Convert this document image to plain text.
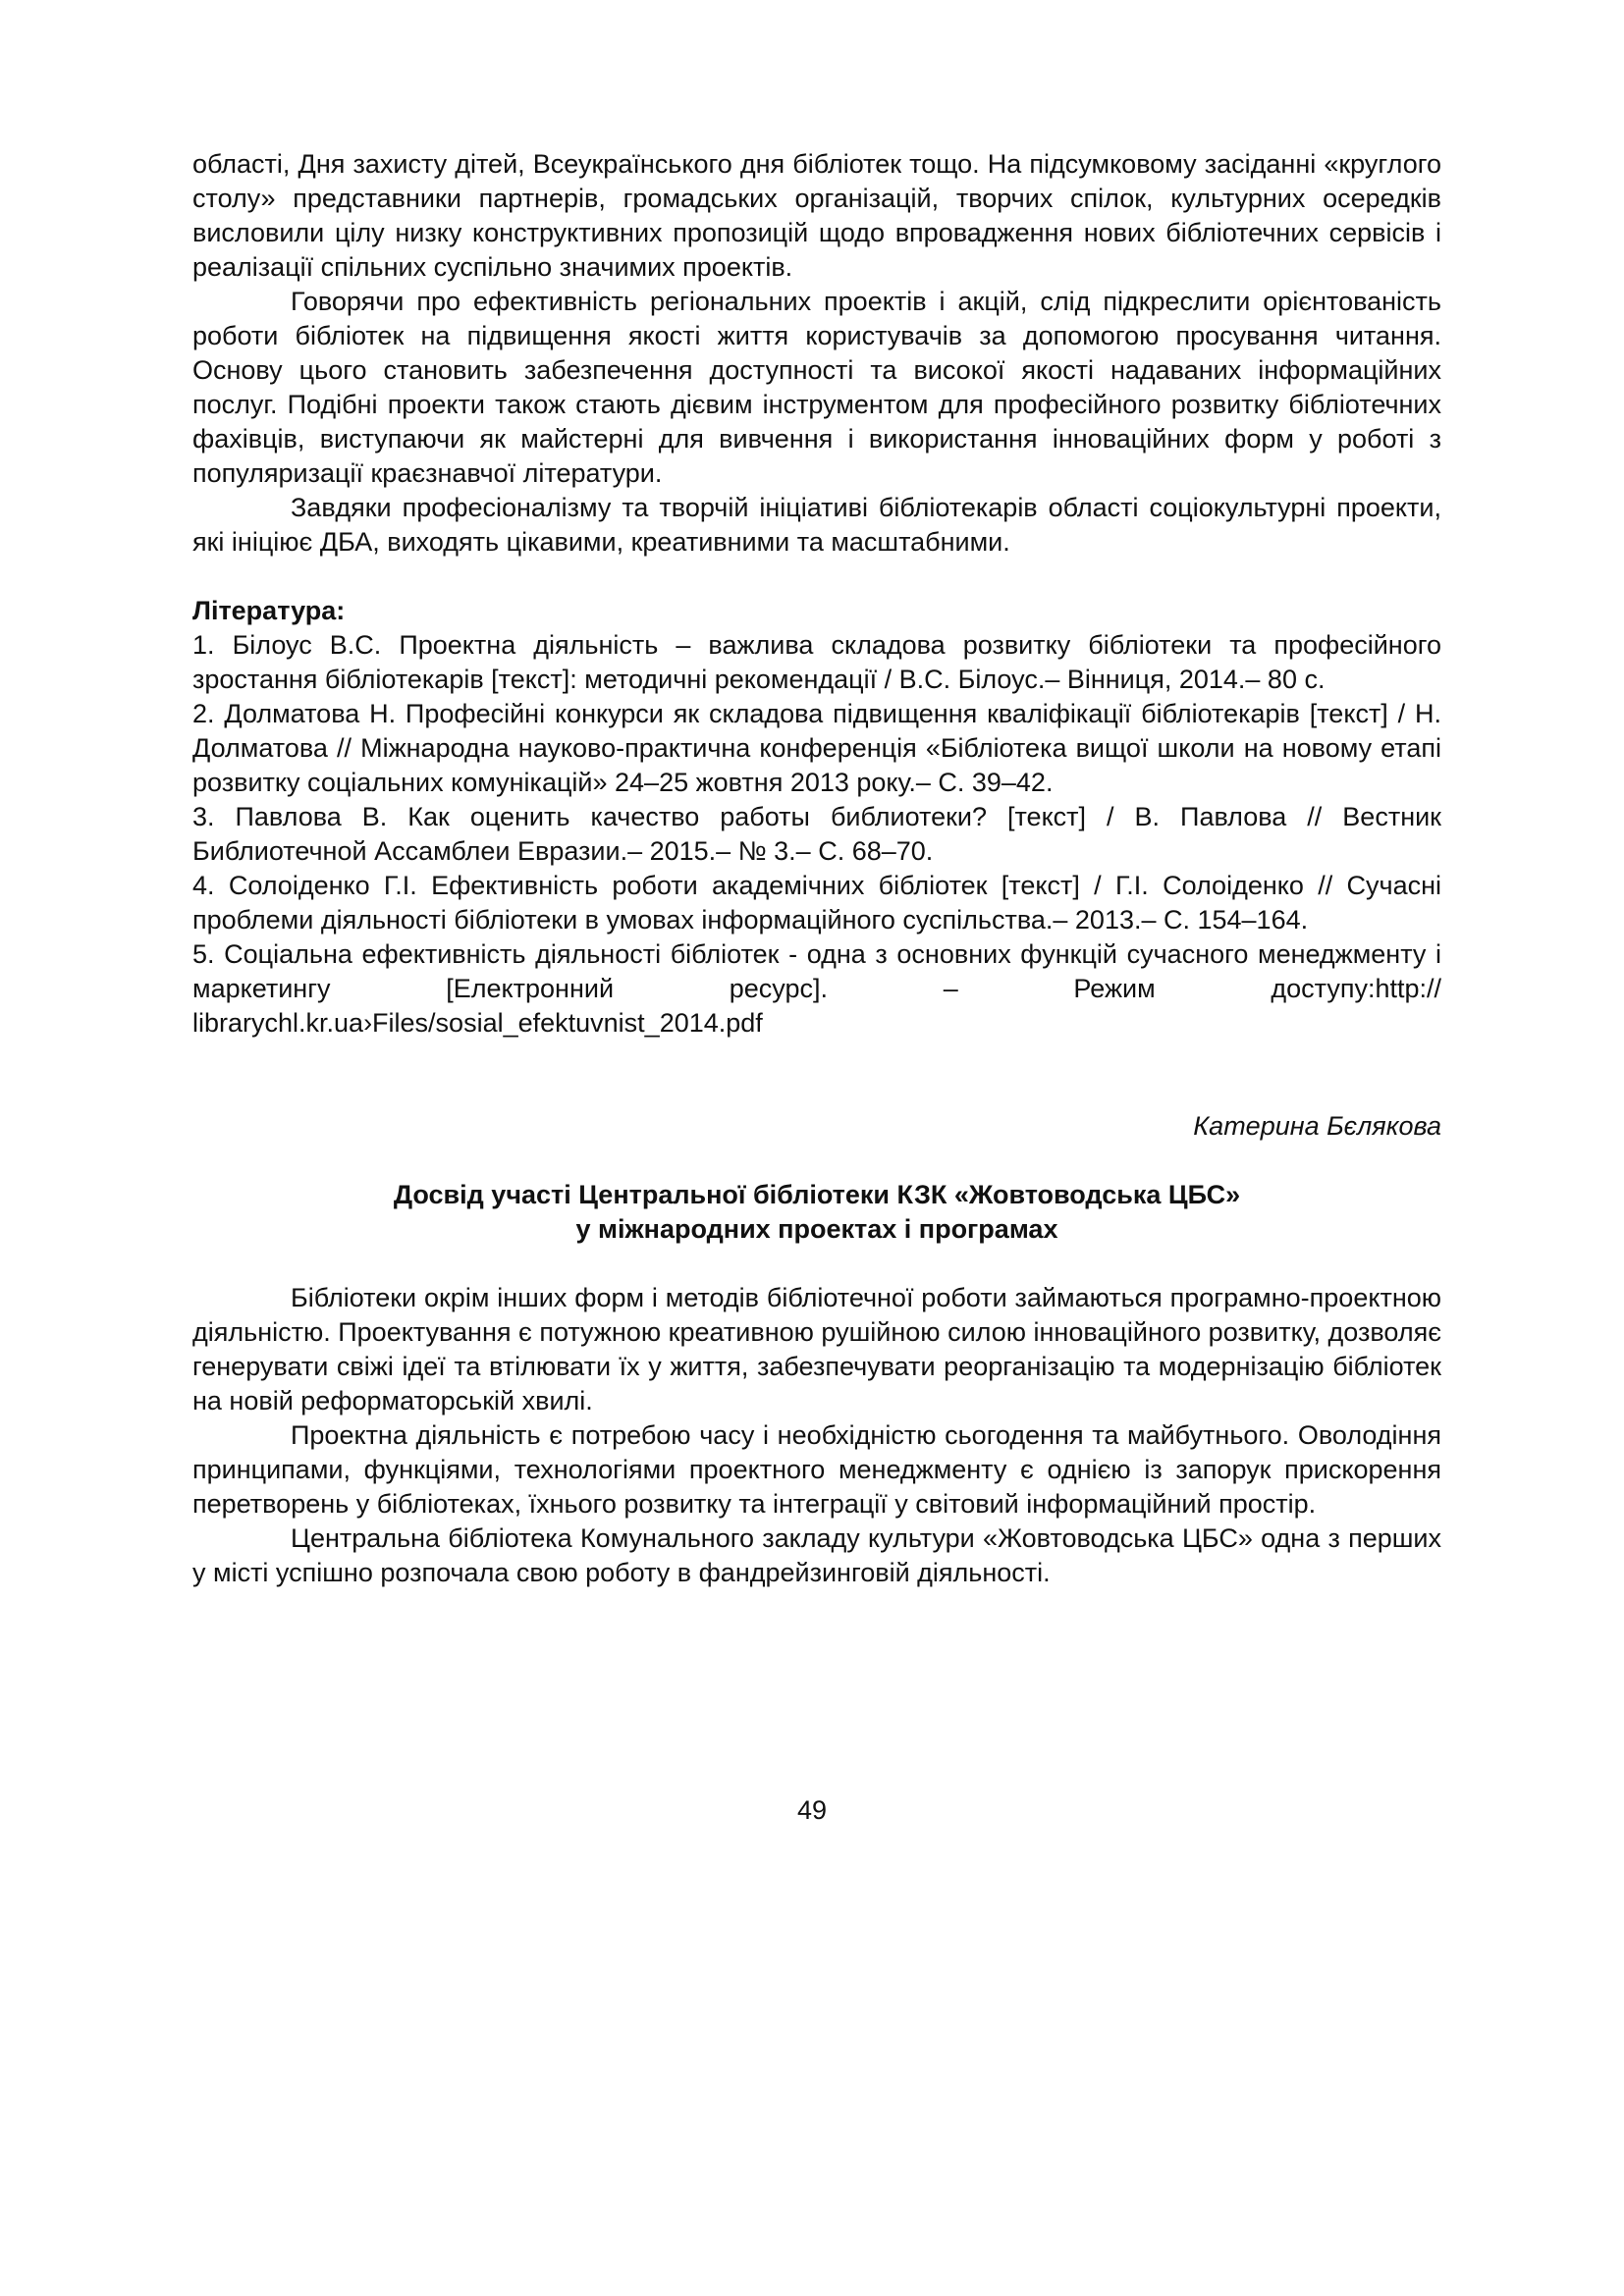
області, Дня захисту дітей, Всеукраїнського дня бібліотек тощо. На підсумковому засіданні «круглого столу» представники партнерів, громадських організацій, творчих спілок, культурних осередків висловили цілу низку конструктивних пропозицій щодо впровадження нових бібліотечних сервісів і реалізації спільних суспільно значимих проектів.

Говорячи про ефективність регіональних проектів і акцій, слід підкреслити орієнтованість роботи бібліотек на підвищення якості життя користувачів за допомогою просування читання. Основу цього становить забезпечення доступності та високої якості надаваних інформаційних послуг. Подібні проекти також стають дієвим інструментом для професійного розвитку бібліотечних фахівців, виступаючи як майстерні для вивчення і використання інноваційних форм у роботі з популяризації краєзнавчої літератури.

Завдяки професіоналізму та творчій ініціативі бібліотекарів області соціокультурні проекти, які ініціює ДБА, виходять цікавими, креативними та масштабними.

Література:

1. Білоус В.С. Проектна діяльність – важлива складова розвитку бібліотеки та професійного зростання бібліотекарів [текст]: методичні рекомендації / В.С. Білоус.– Вінниця, 2014.– 80 с.

2. Долматова Н. Професійні конкурси як складова підвищення кваліфікації бібліотекарів [текст] / Н. Долматова // Міжнародна науково-практична конференція «Бібліотека вищої школи на новому етапі розвитку соціальних комунікацій» 24–25 жовтня 2013 року.– С. 39–42.

3. Павлова В. Как оценить качество работы библиотеки? [текст] / В. Павлова // Вестник Библиотечной Ассамблеи Евразии.– 2015.– № 3.– С. 68–70.

4. Солоіденко Г.І. Ефективність роботи академічних бібліотек [текст] / Г.І. Солоіденко // Сучасні проблеми діяльності бібліотеки в умовах інформаційного суспільства.– 2013.– С. 154–164.

5. Соціальна ефективність діяльності бібліотек - одна з основних функцій сучасного менеджменту і маркетингу [Електронний ресурс]. – Режим доступу:http:// librarychl.kr.ua›Files/sosial_efektuvnist_2014.pdf

Катерина Бєлякова

Досвід участі Центральної бібліотеки КЗК «Жовтоводська ЦБС»
у міжнародних проектах і програмах

Бібліотеки окрім інших форм і методів бібліотечної роботи займаються програмно-проектною діяльністю. Проектування є потужною креативною рушійною силою інноваційного розвитку, дозволяє генерувати свіжі ідеї та втілювати їх у життя, забезпечувати реорганізацію та модернізацію бібліотек на новій реформаторській хвилі.

Проектна діяльність є потребою часу і необхідністю сьогодення та майбутнього. Оволодіння принципами, функціями, технологіями проектного менеджменту є однією із запорук прискорення перетворень у бібліотеках, їхнього розвитку та інтеграції у світовий інформаційний простір.

Центральна бібліотека Комунального закладу культури «Жовтоводська ЦБС» одна з перших у місті успішно розпочала свою роботу в фандрейзинговій діяльності.

49
